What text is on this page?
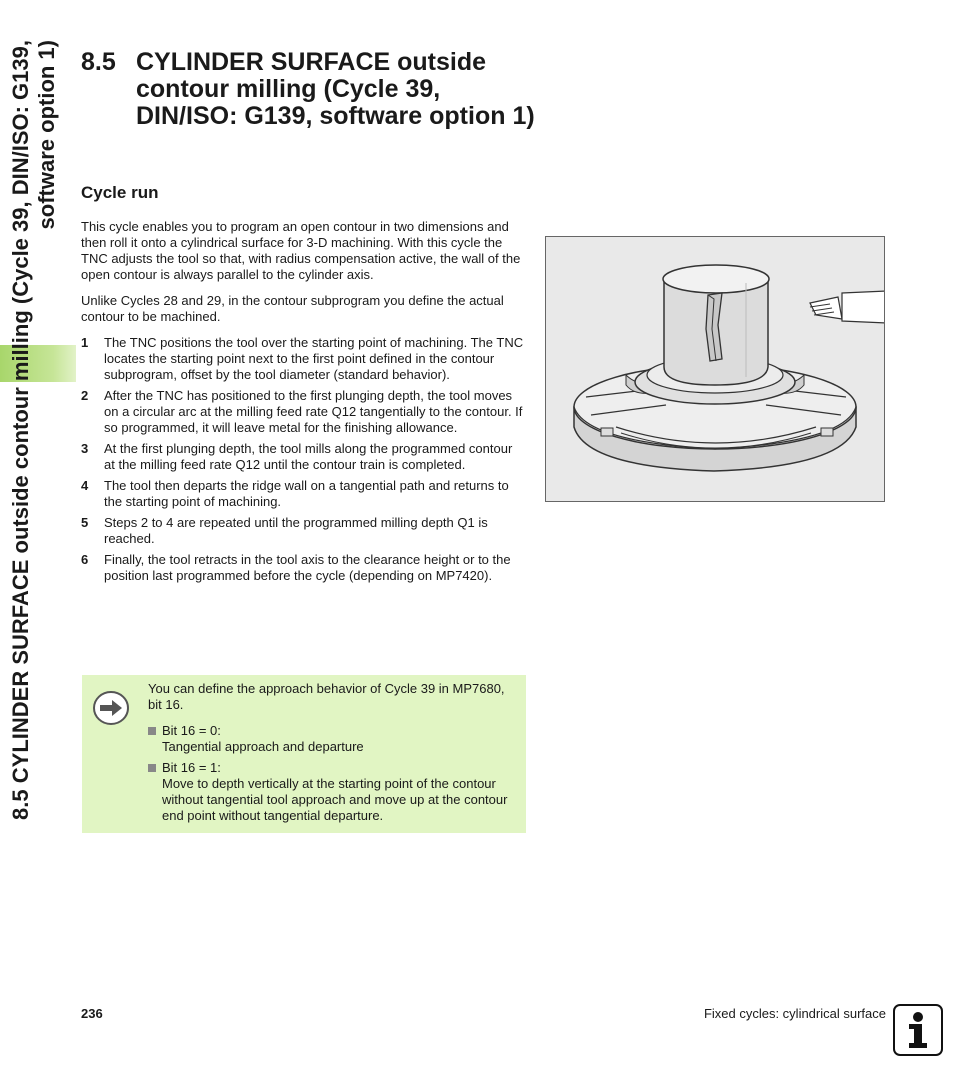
8.5 CYLINDER SURFACE outside contour milling (Cycle 39, DIN/ISO: G139, software option 1) 8.5 CYLINDER SURFACE outside contour milling (Cycle 39, DIN/ISO: G139, software option 1)
Cycle run

This cycle enables you to program an open contour in two dimensions and then roll it onto a cylindrical surface for 3-D machining. With this cycle the TNC adjusts the tool so that, with radius compensation active, the wall of the open contour is always parallel to the cylinder axis.

Unlike Cycles 28 and 29, in the contour subprogram you define the actual contour to be machined.

1 The TNC positions the tool over the starting point of machining. The TNC locates the starting point next to the first point defined in the contour subprogram, offset by the tool diameter (standard behavior).
2 After the TNC has positioned to the first plunging depth, the tool moves on a circular arc at the milling feed rate Q12 tangentially to the contour. If so programmed, it will leave metal for the finishing allowance.
3 At the first plunging depth, the tool mills along the programmed contour at the milling feed rate Q12 until the contour train is completed.
4 The tool then departs the ridge wall on a tangential path and returns to the starting point of machining.
5 Steps 2 to 4 are repeated until the programmed milling depth Q1 is reached.
6 Finally, the tool retracts in the tool axis to the clearance height or to the position last programmed before the cycle (depending on MP7420).

You can define the approach behavior of Cycle 39 in MP7680, bit 16.

Bit 16 = 0:
Tangential approach and departure
Bit 16 = 1:
Move to depth vertically at the starting point of the contour without tangential tool approach and move up at the contour end point without tangential departure.
236	Fixed cycles: cylindrical surface
